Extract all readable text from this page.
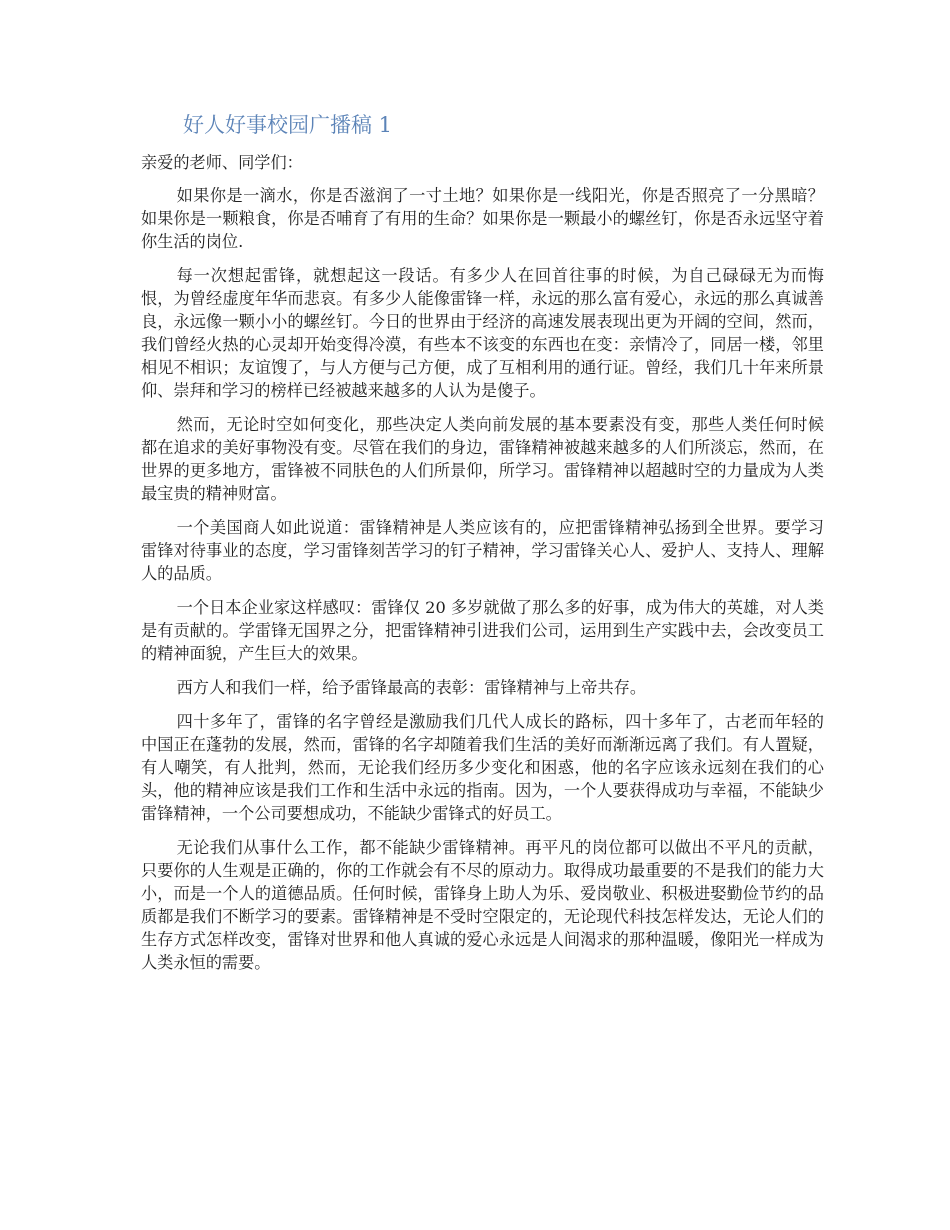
好人好事校园广播稿 1

亲爱的老师、同学们：

如果你是一滴水，你是否滋润了一寸土地？如果你是一线阳光，你是否照亮了一分黑暗？如果你是一颗粮食，你是否哺育了有用的生命？如果你是一颗最小的螺丝钉，你是否永远坚守着你生活的岗位.

每一次想起雷锋，就想起这一段话。有多少人在回首往事的时候，为自己碌碌无为而悔恨，为曾经虚度年华而悲哀。有多少人能像雷锋一样，永远的那么富有爱心，永远的那么真诚善良，永远像一颗小小的螺丝钉。今日的世界由于经济的高速发展表现出更为开阔的空间，然而，我们曾经火热的心灵却开始变得冷漠，有些本不该变的东西也在变：亲情冷了，同居一楼，邻里相见不相识；友谊馊了，与人方便与己方便，成了互相利用的通行证。曾经，我们几十年来所景仰、崇拜和学习的榜样已经被越来越多的人认为是傻子。

然而，无论时空如何变化，那些决定人类向前发展的基本要素没有变，那些人类任何时候都在追求的美好事物没有变。尽管在我们的身边，雷锋精神被越来越多的人们所淡忘，然而，在世界的更多地方，雷锋被不同肤色的人们所景仰，所学习。雷锋精神以超越时空的力量成为人类最宝贵的精神财富。

一个美国商人如此说道：雷锋精神是人类应该有的，应把雷锋精神弘扬到全世界。要学习雷锋对待事业的态度，学习雷锋刻苦学习的钉子精神，学习雷锋关心人、爱护人、支持人、理解人的品质。

一个日本企业家这样感叹：雷锋仅 20 多岁就做了那么多的好事，成为伟大的英雄，对人类是有贡献的。学雷锋无国界之分，把雷锋精神引进我们公司，运用到生产实践中去，会改变员工的精神面貌，产生巨大的效果。

西方人和我们一样，给予雷锋最高的表彰：雷锋精神与上帝共存。

四十多年了，雷锋的名字曾经是激励我们几代人成长的路标，四十多年了，古老而年轻的中国正在蓬勃的发展，然而，雷锋的名字却随着我们生活的美好而渐渐远离了我们。有人置疑，有人嘲笑，有人批判，然而，无论我们经历多少变化和困惑，他的名字应该永远刻在我们的心头，他的精神应该是我们工作和生活中永远的指南。因为，一个人要获得成功与幸福，不能缺少雷锋精神，一个公司要想成功，不能缺少雷锋式的好员工。

无论我们从事什么工作，都不能缺少雷锋精神。再平凡的岗位都可以做出不平凡的贡献，只要你的人生观是正确的，你的工作就会有不尽的原动力。取得成功最重要的不是我们的能力大小，而是一个人的道德品质。任何时候，雷锋身上助人为乐、爱岗敬业、积极进娶勤俭节约的品质都是我们不断学习的要素。雷锋精神是不受时空限定的，无论现代科技怎样发达，无论人们的生存方式怎样改变，雷锋对世界和他人真诚的爱心永远是人间渴求的那种温暖，像阳光一样成为人类永恒的需要。
